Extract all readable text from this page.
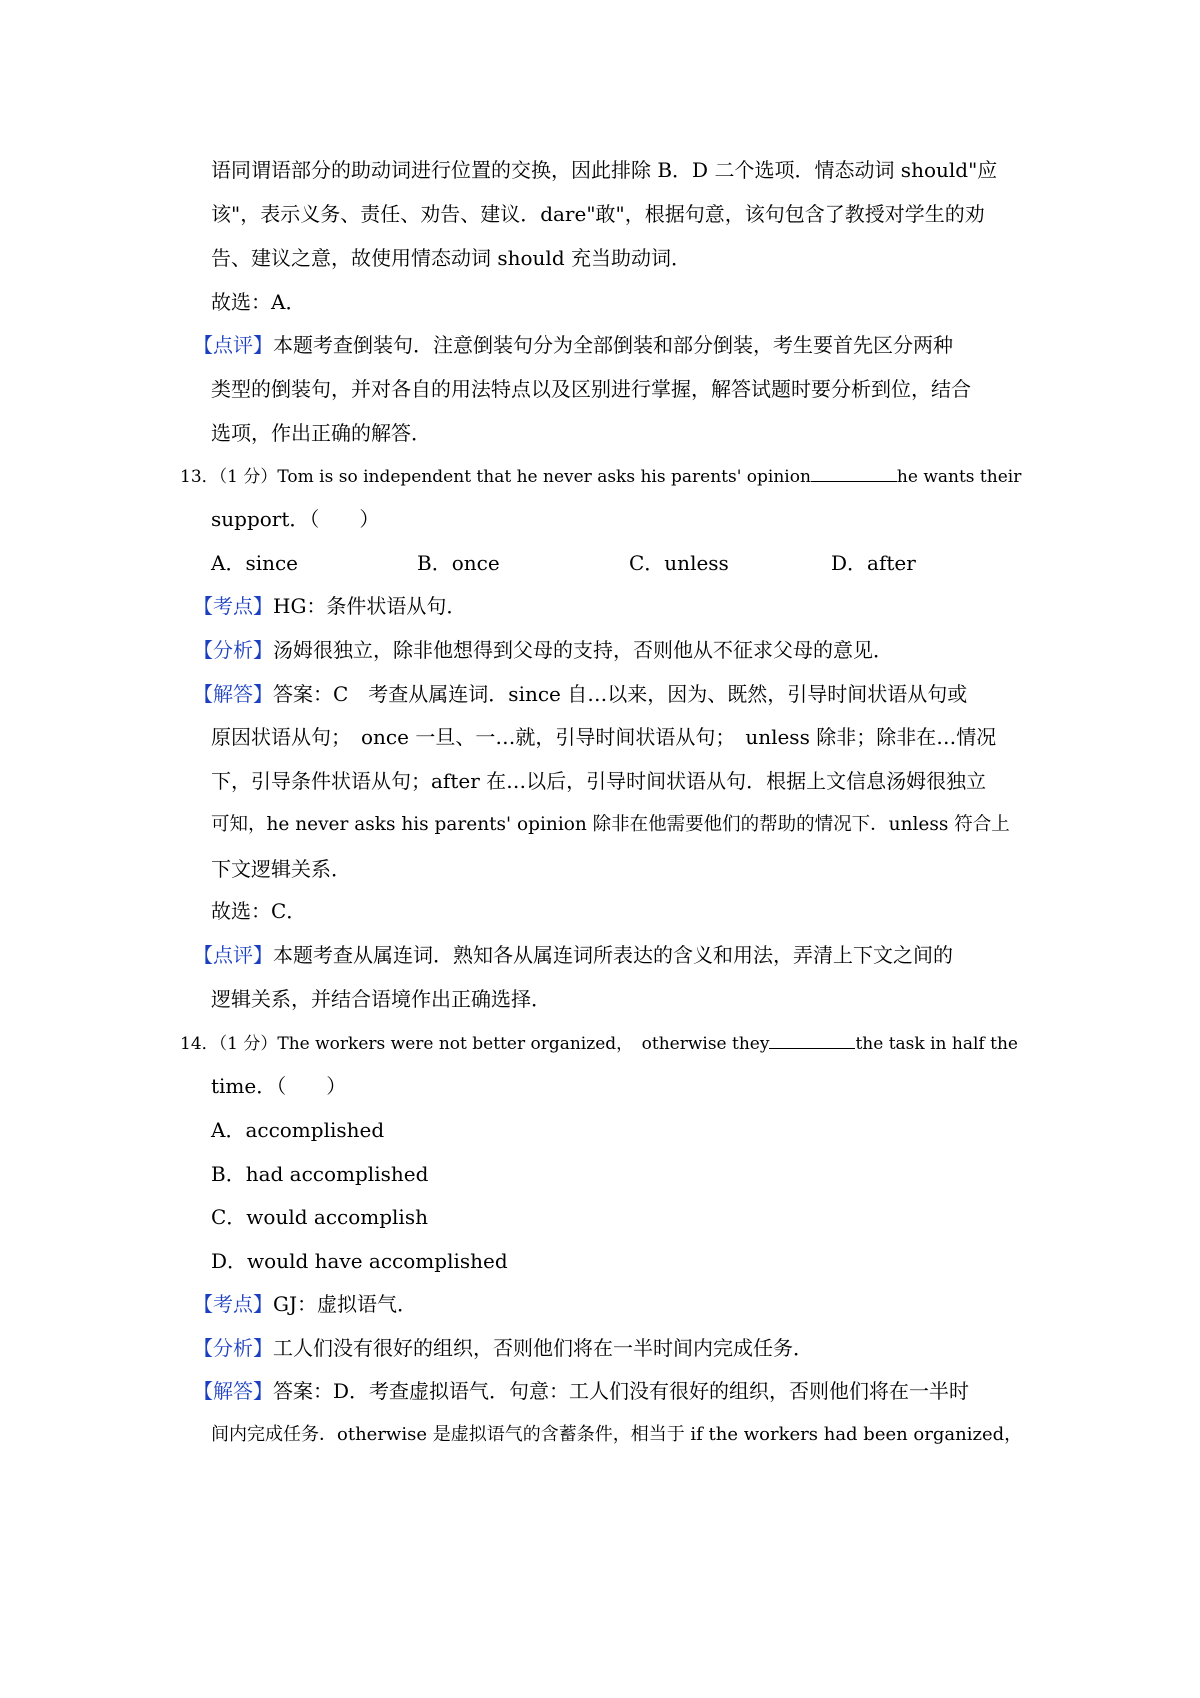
语同谓语部分的助动词进行位置的交换，因此排除 B．D 二个选项．情态动词 should"应
该"，表示义务、责任、劝告、建议．dare"敢"，根据句意，该句包含了教授对学生的劝
告、建议之意，故使用情态动词 should 充当助动词．
故选：A．
【点评】本题考查倒装句．注意倒装句分为全部倒装和部分倒装，考生要首先区分两种
类型的倒装句，并对各自的用法特点以及区别进行掌握，解答试题时要分析到位，结合
选项，作出正确的解答．
13．（1 分）Tom is so independent that he never asks his parents' opinion	he wants their
support．（　　）
A．since	B．once	C．unless	D．after
【考点】HG：条件状语从句．
【分析】汤姆很独立，除非他想得到父母的支持，否则他从不征求父母的意见．
【解答】答案：C　考查从属连词．since 自…以来，因为、既然，引导时间状语从句或
原因状语从句；　once 一旦、一…就，引导时间状语从句；　unless 除非；除非在…情况
下，引导条件状语从句；after 在…以后，引导时间状语从句．根据上文信息汤姆很独立
可知，he never asks his parents' opinion 除非在他需要他们的帮助的情况下．unless 符合上
下文逻辑关系．
故选：C．
【点评】本题考查从属连词．熟知各从属连词所表达的含义和用法，弄清上下文之间的
逻辑关系，并结合语境作出正确选择．
14．（1 分）The workers were not better organized，　otherwise they	the task in half the
time．（　　）
A．accomplished
B．had accomplished
C．would accomplish
D．would have accomplished
【考点】GJ：虚拟语气．
【分析】工人们没有很好的组织，否则他们将在一半时间内完成任务．
【解答】答案：D．考查虚拟语气．句意：工人们没有很好的组织，否则他们将在一半时
间内完成任务．otherwise 是虚拟语气的含蓄条件，相当于 if the workers had been organized，
